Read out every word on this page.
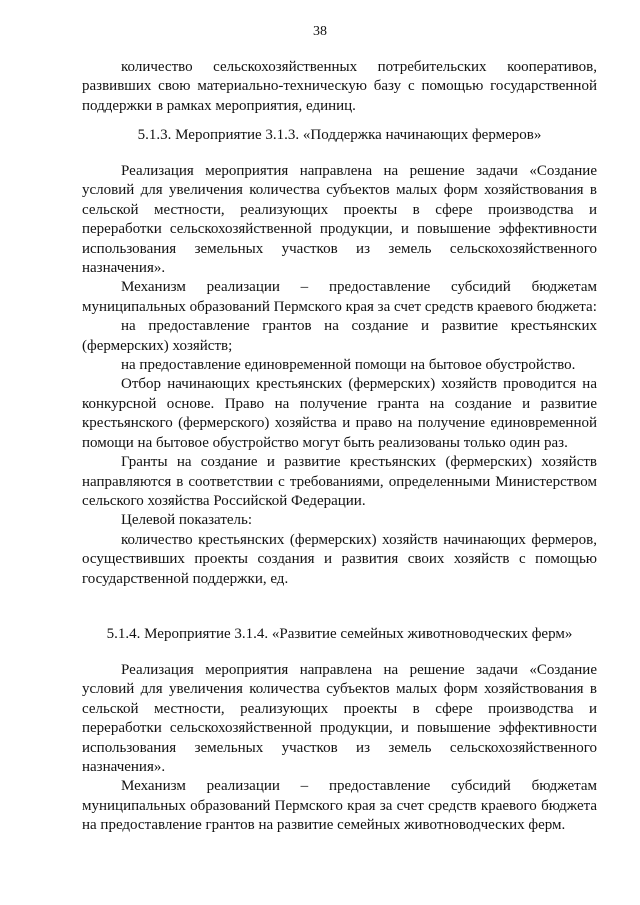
38

количество сельскохозяйственных потребительских кооперативов, развивших свою материально-техническую базу с помощью государственной поддержки в рамках мероприятия, единиц.

5.1.3. Мероприятие 3.1.3. «Поддержка начинающих фермеров»

Реализация мероприятия направлена на решение задачи «Создание условий для увеличения количества субъектов малых форм хозяйствования в сельской местности, реализующих проекты в сфере производства и переработки сельскохозяйственной продукции, и повышение эффективности использования земельных участков из земель сельскохозяйственного назначения».

Механизм реализации – предоставление субсидий бюджетам муниципальных образований Пермского края за счет средств краевого бюджета:

на предоставление грантов на создание и развитие крестьянских (фермерских) хозяйств;

на предоставление единовременной помощи на бытовое обустройство.

Отбор начинающих крестьянских (фермерских) хозяйств проводится на конкурсной основе. Право на получение гранта на создание и развитие крестьянского (фермерского) хозяйства и право на получение единовременной помощи на бытовое обустройство могут быть реализованы только один раз.

Гранты на создание и развитие крестьянских (фермерских) хозяйств направляются в соответствии с требованиями, определенными Министерством сельского хозяйства Российской Федерации.

Целевой показатель:

количество крестьянских (фермерских) хозяйств начинающих фермеров, осуществивших проекты создания и развития своих хозяйств с помощью государственной поддержки, ед.

5.1.4. Мероприятие 3.1.4. «Развитие семейных животноводческих ферм»

Реализация мероприятия направлена на решение задачи «Создание условий для увеличения количества субъектов малых форм хозяйствования в сельской местности, реализующих проекты в сфере производства и переработки сельскохозяйственной продукции, и повышение эффективности использования земельных участков из земель сельскохозяйственного назначения».

Механизм реализации – предоставление субсидий бюджетам муниципальных образований Пермского края за счет средств краевого бюджета на предоставление грантов на развитие семейных животноводческих ферм.
